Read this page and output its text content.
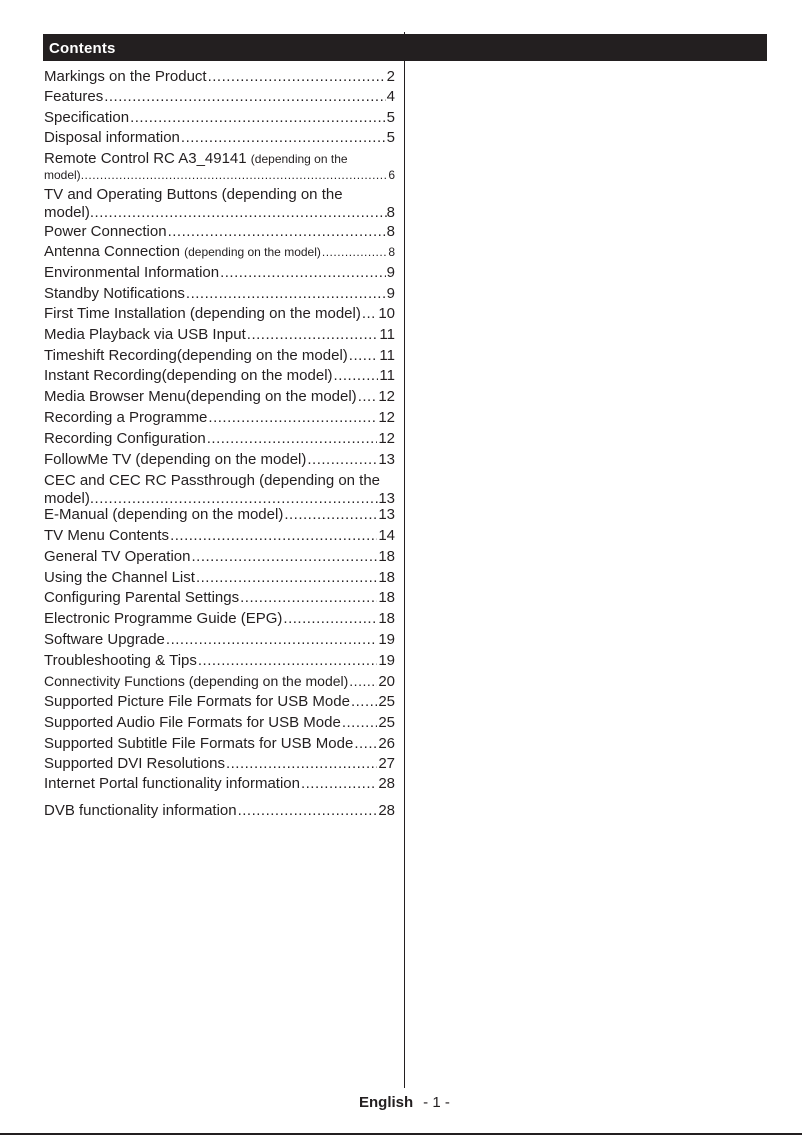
Contents
Markings on the Product .....	2
Features .....	4
Specification .....	5
Disposal information .....	5
Remote Control RC A3_49141 (depending on the
model) .....	6
TV and Operating Buttons (depending on the
model) .....	8
Power Connection .....	8
Antenna Connection
(depending on the model) .....	8
Environmental Information .....	9
Standby Notifications .....	9
First Time Installation (depending on the model) ..... 10
Media Playback via USB Input .....	11
Timeshift Recording(depending on the model) ..... 11
Instant Recording(depending on the model) .....	11
Media Browser Menu(depending on the model) ..... 12
Recording a Programme .....	12
Recording Configuration .....	12
FollowMe TV (depending on the model) .....	13
CEC and CEC RC Passthrough (depending on the
model) .....	13
E-Manual (depending on the model) .....	13
TV Menu Contents .....	14
General TV Operation .....	18
Using the Channel List .....	18
Configuring Parental Settings .....	18
Electronic Programme Guide (EPG) .....	18
Software Upgrade .....	19
Troubleshooting & Tips .....	19
Connectivity Functions (depending on the model) ..... 20
Supported Picture File Formats for USB Mode ..... 25
Supported Audio File Formats for USB Mode .....	25
Supported Subtitle File Formats for USB Mode ..... 26
Supported DVI Resolutions .....	27
Internet Portal functionality information .....	28
DVB functionality information .....	28
English - 1 -
